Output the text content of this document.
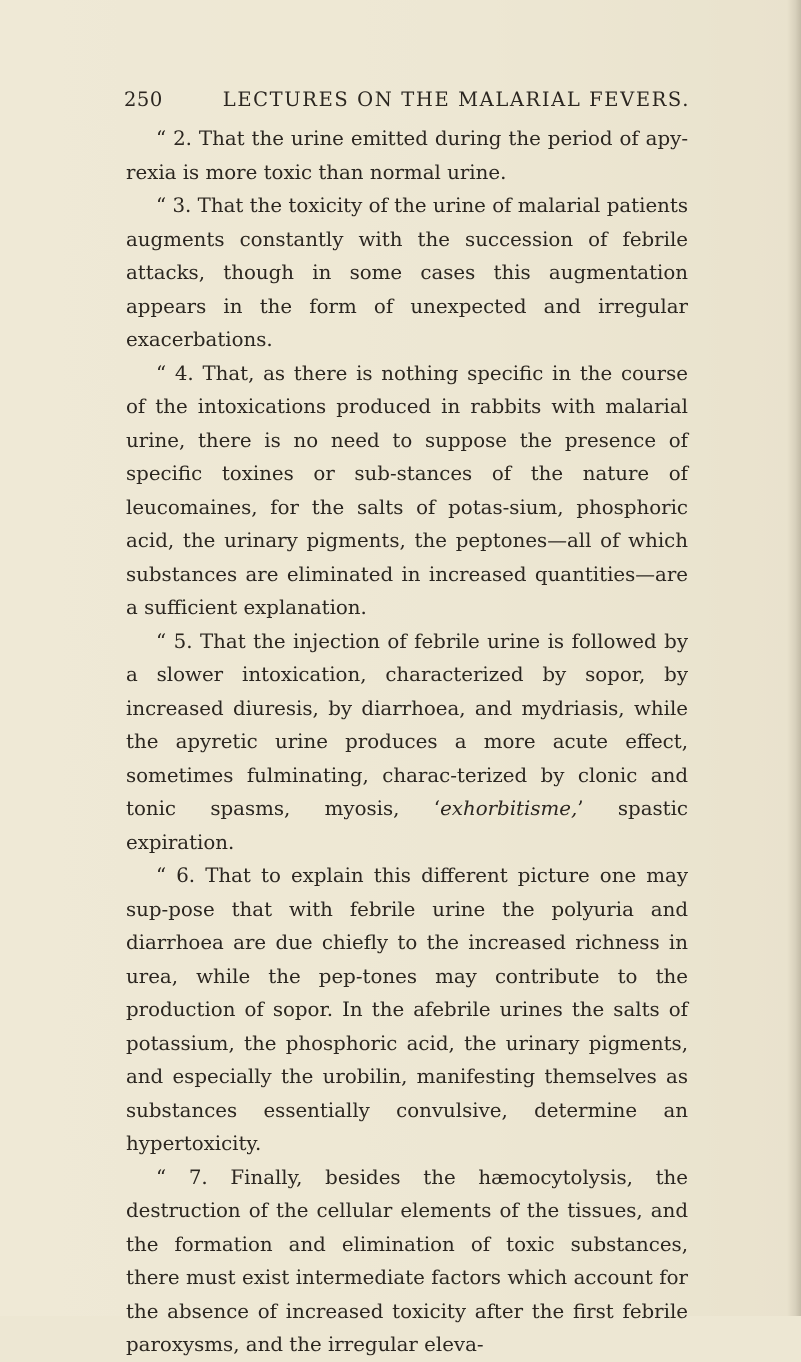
250	LECTURES ON THE MALARIAL FEVERS.

“ 2. That the urine emitted during the period of apy-rexia is more toxic than normal urine.

“ 3. That the toxicity of the urine of malarial patients augments constantly with the succession of febrile attacks, though in some cases this augmentation appears in the form of unexpected and irregular exacerbations.

“ 4. That, as there is nothing specific in the course of the intoxications produced in rabbits with malarial urine, there is no need to suppose the presence of specific toxines or sub-stances of the nature of leucomaines, for the salts of potas-sium, phosphoric acid, the urinary pigments, the peptones—all of which substances are eliminated in increased quantities—are a sufficient explanation.

“ 5. That the injection of febrile urine is followed by a slower intoxication, characterized by sopor, by increased diuresis, by diarrhoea, and mydriasis, while the apyretic urine produces a more acute effect, sometimes fulminating, charac-terized by clonic and tonic spasms, myosis, ‘exhorbitisme,’ spastic expiration.

“ 6. That to explain this different picture one may sup-pose that with febrile urine the polyuria and diarrhoea are due chiefly to the increased richness in urea, while the pep-tones may contribute to the production of sopor. In the afebrile urines the salts of potassium, the phosphoric acid, the urinary pigments, and especially the urobilin, manifesting themselves as substances essentially convulsive, determine an hypertoxicity.

“ 7. Finally, besides the hæmocytolysis, the destruction of the cellular elements of the tissues, and the formation and elimination of toxic substances, there must exist intermediate factors which account for the absence of increased toxicity after the first febrile paroxysms, and the irregular eleva-
